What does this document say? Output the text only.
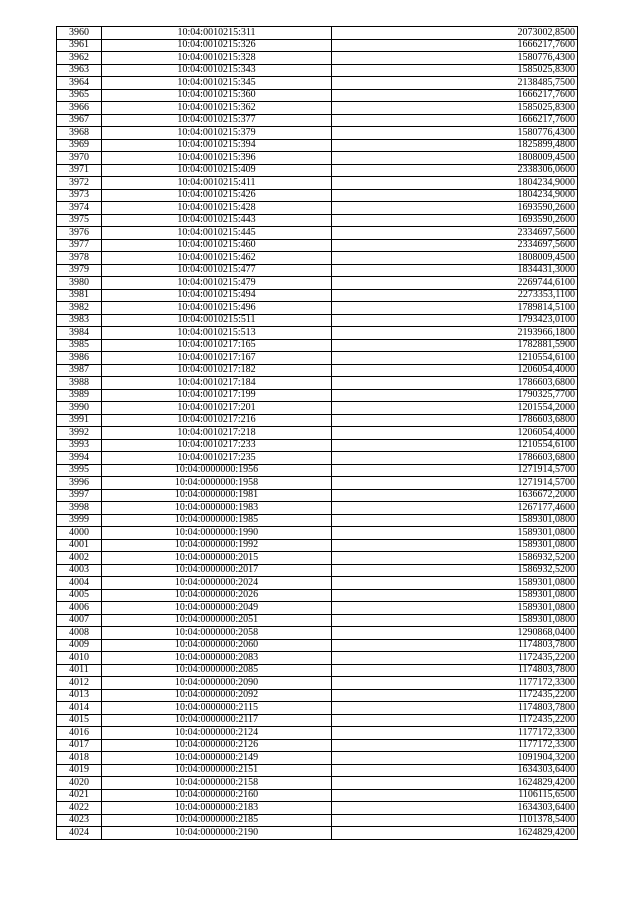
3960	10:04:0010215:311	2073002,8500
3961	10:04:0010215:326	1666217,7600
3962	10:04:0010215:328	1580776,4300
3963	10:04:0010215:343	1585025,8300
3964	10:04:0010215:345	2138485,7500
3965	10:04:0010215:360	1666217,7600
3966	10:04:0010215:362	1585025,8300
3967	10:04:0010215:377	1666217,7600
3968	10:04:0010215:379	1580776,4300
3969	10:04:0010215:394	1825899,4800
3970	10:04:0010215:396	1808009,4500
3971	10:04:0010215:409	2338306,0600
3972	10:04:0010215:411	1804234,9000
3973	10:04:0010215:426	1804234,9000
3974	10:04:0010215:428	1693590,2600
3975	10:04:0010215:443	1693590,2600
3976	10:04:0010215:445	2334697,5600
3977	10:04:0010215:460	2334697,5600
3978	10:04:0010215:462	1808009,4500
3979	10:04:0010215:477	1834431,3000
3980	10:04:0010215:479	2269744,6100
3981	10:04:0010215:494	2273353,1100
3982	10:04:0010215:496	1789814,5100
3983	10:04:0010215:511	1793423,0100
3984	10:04:0010215:513	2193966,1800
3985	10:04:0010217:165	1782881,5900
3986	10:04:0010217:167	1210554,6100
3987	10:04:0010217:182	1206054,4000
3988	10:04:0010217:184	1786603,6800
3989	10:04:0010217:199	1790325,7700
3990	10:04:0010217:201	1201554,2000
3991	10:04:0010217:216	1786603,6800
3992	10:04:0010217:218	1206054,4000
3993	10:04:0010217:233	1210554,6100
3994	10:04:0010217:235	1786603,6800
3995	10:04:0000000:1956	1271914,5700
3996	10:04:0000000:1958	1271914,5700
3997	10:04:0000000:1981	1636672,2000
3998	10:04:0000000:1983	1267177,4600
3999	10:04:0000000:1985	1589301,0800
4000	10:04:0000000:1990	1589301,0800
4001	10:04:0000000:1992	1589301,0800
4002	10:04:0000000:2015	1586932,5200
4003	10:04:0000000:2017	1586932,5200
4004	10:04:0000000:2024	1589301,0800
4005	10:04:0000000:2026	1589301,0800
4006	10:04:0000000:2049	1589301,0800
4007	10:04:0000000:2051	1589301,0800
4008	10:04:0000000:2058	1290868,0400
4009	10:04:0000000:2060	1174803,7800
4010	10:04:0000000:2083	1172435,2200
4011	10:04:0000000:2085	1174803,7800
4012	10:04:0000000:2090	1177172,3300
4013	10:04:0000000:2092	1172435,2200
4014	10:04:0000000:2115	1174803,7800
4015	10:04:0000000:2117	1172435,2200
4016	10:04:0000000:2124	1177172,3300
4017	10:04:0000000:2126	1177172,3300
4018	10:04:0000000:2149	1091904,3200
4019	10:04:0000000:2151	1634303,6400
4020	10:04:0000000:2158	1624829,4200
4021	10:04:0000000:2160	1106115,6500
4022	10:04:0000000:2183	1634303,6400
4023	10:04:0000000:2185	1101378,5400
4024	10:04:0000000:2190	1624829,4200
